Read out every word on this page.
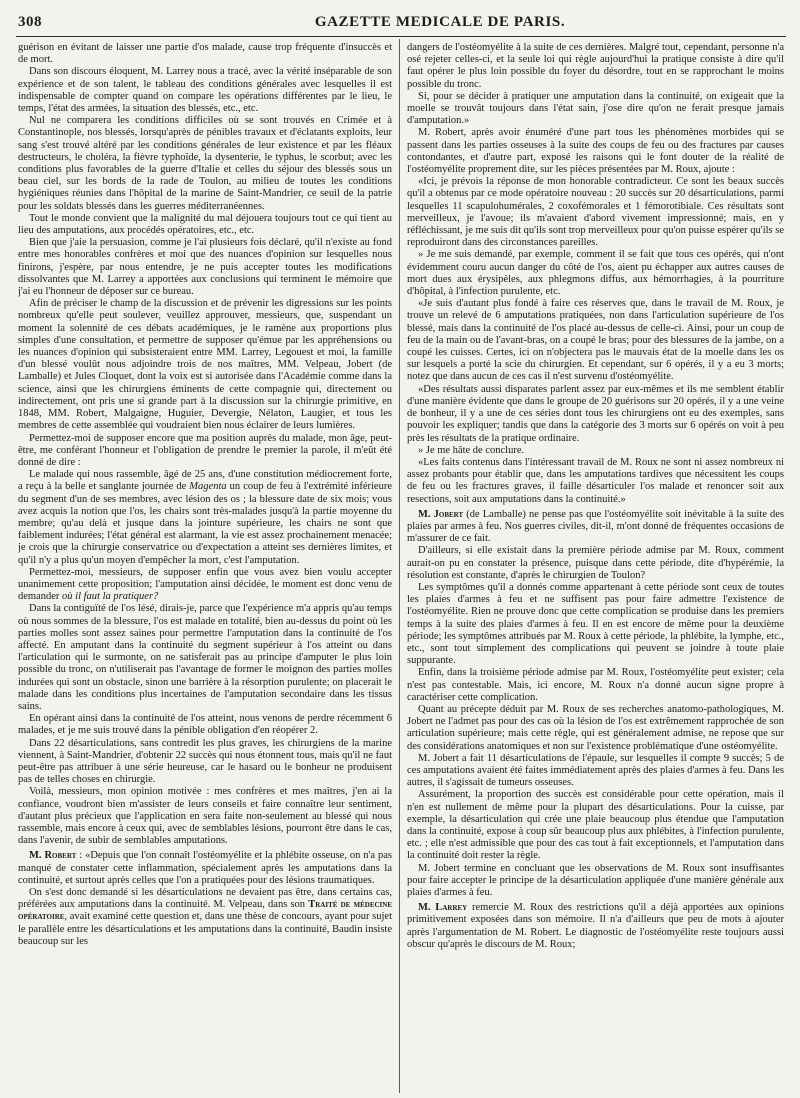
308	GAZETTE MEDICALE DE PARIS.

guérison en évitant de laisser une partie d'os malade, cause trop fréquente d'insuccès et de mort.

Dans son discours éloquent, M. Larrey nous a tracé, avec la vérité inséparable de son expérience et de son talent, le tableau des conditions générales avec lesquelles il est indispensable de compter quand on compare les opérations différentes par le lieu, le temps, l'état des armées, la situation des blessés, etc., etc.

Nul ne comparera les conditions difficiles où se sont trouvés en Crimée et à Constantinople, nos blessés, lorsqu'après de pénibles travaux et d'éclatants exploits, leur sang s'est trouvé altéré par les conditions générales de leur existence et par les fléaux destructeurs, le choléra, la fièvre typhoïde, la dysenterie, le typhus, le scorbut; avec les conditions plus favorables de la guerre d'Italie et celles du séjour des blessés sous un beau ciel, sur les bords de la rade de Toulon, au milieu de toutes les conditions hygiéniques réunies dans l'hôpital de la marine de Saint-Mandrier, ce seuil de la patrie pour les soldats blessés dans les guerres méditerranéennes.

Tout le monde convient que la malignité du mal déjouera toujours tout ce qui tient au lieu des amputations, aux procédés opératoires, etc., etc.

Bien que j'aie la persuasion, comme je l'ai plusieurs fois déclaré, qu'il n'existe au fond entre mes honorables confrères et moi que des nuances d'opinion sur lesquelles nous finirons, j'espère, par nous entendre, je ne puis accepter toutes les modifications dissolvantes que M. Larrey a apportées aux conclusions qui terminent le mémoire que j'ai eu l'honneur de déposer sur ce bureau.

Afin de préciser le champ de la discussion et de prévenir les digressions sur les points nombreux qu'elle peut soulever, veuillez approuver, messieurs, que, suspendant un moment la solennité de ces débats académiques, je le ramène aux proportions plus simples d'une consultation, et permettre de supposer qu'émue par les appréhensions ou les nuances d'opinion qui subsisteraient entre MM. Larrey, Legouest et moi, la famille d'un blessé voulût nous adjoindre trois de nos maîtres, MM. Velpeau, Jobert (de Lamballe) et Jules Cloquet, dont la voix est si autorisée dans l'Académie comme dans la science, ainsi que les chirurgiens éminents de cette compagnie qui, directement ou indirectement, ont pris une si grande part à la discussion sur la chirurgie primitive, en 1848, MM. Robert, Malgaigne, Huguier, Devergie, Nélaton, Laugier, et tous les membres de cette assemblée qui voudraient bien nous éclairer de leurs lumières.

Permettez-moi de supposer encore que ma position auprès du malade, mon âge, peut-être, me conférant l'honneur et l'obligation de prendre le premier la parole, il m'eût été donné de dire :

Le malade qui nous rassemble, âgé de 25 ans, d'une constitution médiocrement forte, a reçu à la belle et sanglante journée de Magenta un coup de feu à l'extrémité inférieure du segment d'un de ses membres, avec lésion des os ; la blessure date de six mois; vous avez acquis la notion que l'os, les chairs sont très-malades jusqu'à la partie moyenne du membre; qu'au delà et jusque dans la jointure supérieure, les chairs ne sont que faiblement indurées; l'état général est alarmant, la vie est assez prochainement menacée; je crois que la chirurgie conservatrice ou d'expectation a atteint ses dernières limites, et qu'il n'y a plus qu'un moyen d'empêcher la mort, c'est l'amputation.

Permettez-moi, messieurs, de supposer enfin que vous avez bien voulu accepter unanimement cette proposition; l'amputation ainsi décidée, le moment est donc venu de demander où il faut la pratiquer?

Dans la contiguïté de l'os lésé, dirais-je, parce que l'expérience m'a appris qu'au temps où nous sommes de la blessure, l'os est malade en totalité, bien au-dessus du point où les parties molles sont assez saines pour permettre l'amputation dans la continuité de l'os affecté. En amputant dans la continuité du segment supérieur à l'os atteint ou dans l'articulation qui le surmonte, on ne satisferait pas au principe d'amputer le plus loin possible du tronc, on n'utiliserait pas l'avantage de former le moignon des parties molles indurées qui sont un obstacle, sinon une barrière à la résorption purulente; on placerait le malade dans les conditions plus incertaines de l'amputation secondaire dans les tissus sains.

En opérant ainsi dans la continuité de l'os atteint, nous venons de perdre récemment 6 malades, et je me suis trouvé dans la pénible obligation d'en réopérer 2.

Dans 22 désarticulations, sans contredit les plus graves, les chirurgiens de la marine viennent, à Saint-Mandrier, d'obtenir 22 succès qui nous étonnent tous, mais qu'il ne faut peut-être pas attribuer à une série heureuse, car le hasard ou le bonheur ne produisent pas de telles choses en chirurgie.

Voilà, messieurs, mon opinion motivée : mes confrères et mes maîtres, j'en ai la confiance, voudront bien m'assister de leurs conseils et faire connaître leur sentiment, d'autant plus précieux que l'application en sera faite non-seulement au blessé qui nous rassemble, mais encore à ceux qui, avec de semblables lésions, pourront être dans le cas, dans l'avenir, de subir de semblables amputations.

M. Robert : «Depuis que l'on connaît l'ostéomyélite et la phlébite osseuse, on n'a pas manqué de constater cette inflammation, spécialement après les amputations dans la continuité, et surtout après celles que l'on a pratiquées pour des lésions traumatiques.

On s'est donc demandé si les désarticulations ne devaient pas être, dans certains cas, préférées aux amputations dans la continuité. M. Velpeau, dans son Traité de médecine opératoire, avait examiné cette question et, dans une thèse de concours, ayant pour sujet le parallèle entre les désarticulations et les amputations dans la continuité, Baudin insiste beaucoup sur les

dangers de l'ostéomyélite à la suite de ces dernières. Malgré tout, cependant, personne n'a osé rejeter celles-ci, et la seule loi qui règle aujourd'hui la pratique consiste à dire qu'il faut opérer le plus loin possible du foyer du désordre, tout en se rapprochant le moins possible du tronc.

Si, pour se décider à pratiquer une amputation dans la continuité, on exigeait que la moelle se trouvât toujours dans l'état sain, j'ose dire qu'on ne ferait presque jamais d'amputation.»

M. Robert, après avoir énuméré d'une part tous les phénomènes morbides qui se passent dans les parties osseuses à la suite des coups de feu ou des fractures par causes contondantes, et d'autre part, exposé les raisons qui le font douter de la réalité de l'ostéomyélite proprement dite, sur les pièces présentées par M. Roux, ajoute :

«Ici, je prévois la réponse de mon honorable contradicteur. Ce sont les beaux succès qu'il a obtenus par ce mode opératoire nouveau : 20 succès sur 20 désarticulations, parmi lesquelles 11 scapulohumérales, 2 coxofémorales et 1 fémorotibiale. Ces résultats sont merveilleux, je l'avoue; ils m'avaient d'abord vivement impressionné; mais, en y réfléchissant, je me suis dit qu'ils sont trop merveilleux pour qu'on puisse espérer qu'ils se reproduiront dans des circonstances pareilles.

» Je me suis demandé, par exemple, comment il se fait que tous ces opérés, qui n'ont évidemment couru aucun danger du côté de l'os, aient pu échapper aux autres causes de mort dues aux érysipèles, aux phlegmons diffus, aux hémorrhagies, à la pourriture d'hôpital, à l'infection purulente, etc.

«Je suis d'autant plus fondé à faire ces réserves que, dans le travail de M. Roux, je trouve un relevé de 6 amputations pratiquées, non dans l'articulation supérieure de l'os blessé, mais dans la continuité de l'os placé au-dessus de celle-ci. Ainsi, pour un coup de feu de la main ou de l'avant-bras, on a coupé le bras; pour des blessures de la jambe, on a coupé les cuisses. Certes, ici on n'objectera pas le mauvais état de la moelle dans les os sur lesquels a porté la scie du chirurgien. Et cependant, sur 6 opérés, il y a eu 3 morts; notez que dans aucun de ces cas il n'est survenu d'ostéomyélite.

«Des résultats aussi disparates parlent assez par eux-mêmes et ils me semblent établir d'une manière évidente que dans le groupe de 20 guérisons sur 20 opérés, il y a une veine de bonheur, il y a une de ces séries dont tous les chirurgiens ont eu des exemples, sans pouvoir les expliquer; tandis que dans la catégorie des 3 morts sur 6 opérés on voit à peu près les résultats de la pratique ordinaire.

» Je me hâte de conclure.

«Les faits contenus dans l'intéressant travail de M. Roux ne sont ni assez nombreux ni assez probants pour établir que, dans les amputations tardives que nécessitent les coups de feu ou les fractures graves, il faille désarticuler l'os malade et renoncer soit aux resections, soit aux amputations dans la continuité.»

M. Jobert (de Lamballe) ne pense pas que l'ostéomyélite soit inévitable à la suite des plaies par armes à feu. Nos guerres civiles, dit-il, m'ont donné de fréquentes occasions de m'assurer de ce fait.

D'ailleurs, si elle existait dans la première période admise par M. Roux, comment aurait-on pu en constater la présence, puisque dans cette période, dite d'hypérémie, la résolution est constante, d'après le chirurgien de Toulon?

Les symptômes qu'il a donnés comme appartenant à cette période sont ceux de toutes les plaies d'armes à feu et ne suffisent pas pour faire admettre l'existence de l'ostéomyélite. Rien ne prouve donc que cette complication se produise dans les premiers temps à la suite des plaies d'armes à feu. Il en est encore de même pour la deuxième période; les symptômes attribués par M. Roux à cette période, la phlébite, la lymphe, etc., etc., sont tout simplement des complications qui peuvent se joindre à toute plaie suppurante.

Enfin, dans la troisième période admise par M. Roux, l'ostéomyélite peut exister; cela n'est pas contestable. Mais, ici encore, M. Roux n'a donné aucun signe propre à caractériser cette complication.

Quant au précepte déduit par M. Roux de ses recherches anatomo-pathologiques, M. Jobert ne l'admet pas pour des cas où la lésion de l'os est extrêmement rapprochée de son articulation supérieure; mais cette règle, qui est généralement admise, ne repose que sur des considérations anatomiques et non sur l'existence problématique d'une ostéomyélite.

M. Jobert a fait 11 désarticulations de l'épaule, sur lesquelles il compte 9 succès; 5 de ces amputations avaient été faites immédiatement après des plaies d'armes à feu. Dans les autres, il s'agissait de tumeurs osseuses.

Assurément, la proportion des succès est considérable pour cette opération, mais il n'en est nullement de même pour la plupart des désarticulations. Pour la cuisse, par exemple, la désarticulation qui crée une plaie beaucoup plus étendue que l'amputation dans la continuité, expose à coup sûr beaucoup plus aux phlébites, à l'infection purulente, etc. ; elle n'est admissible que pour des cas tout à fait exceptionnels, et l'amputation dans la continuité doit rester la règle.

M. Jobert termine en concluant que les observations de M. Roux sont insuffisantes pour faire accepter le principe de la désarticulation appliquée d'une manière générale aux plaies d'armes à feu.

M. Larrey remercie M. Roux des restrictions qu'il a déjà apportées aux opinions primitivement exposées dans son mémoire. Il n'a d'ailleurs que peu de mots à ajouter après l'argumentation de M. Robert. Le diagnostic de l'ostéomyélite reste toujours aussi obscur qu'après le discours de M. Roux;
